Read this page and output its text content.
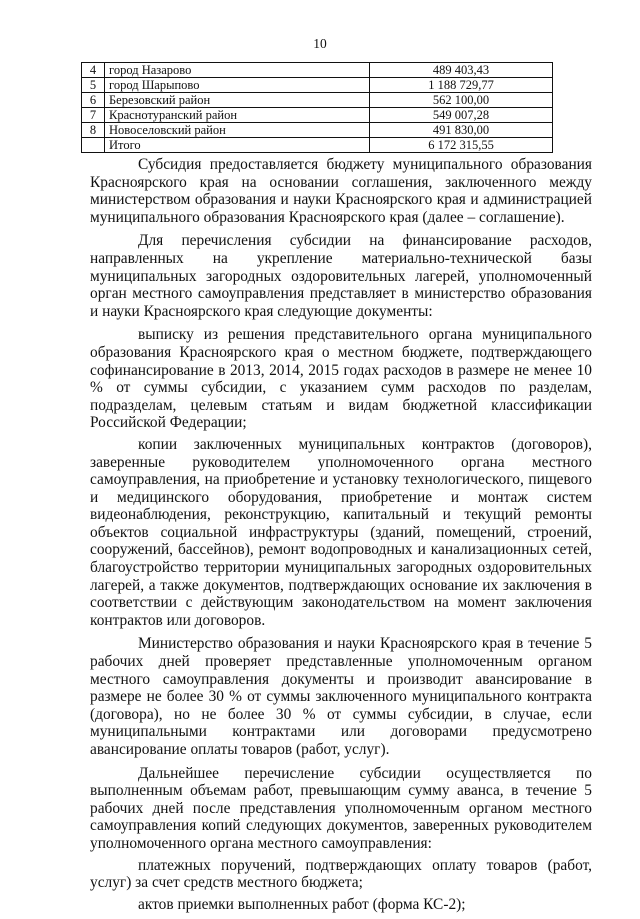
10
4	город Назарово	489 403,43
5	город Шарыпово	1 188 729,77
6	Березовский район	562 100,00
7	Краснотуранский район	549 007,28
8	Новоселовский район	491 830,00
	Итого	6 172 315,55

Субсидия предоставляется бюджету муниципального образования Красноярского края на основании соглашения, заключенного между министерством образования и науки Красноярского края и администрацией муниципального образования Красноярского края (далее – соглашение).

Для перечисления субсидии на финансирование расходов, направленных на укрепление материально-технической базы муниципальных загородных оздоровительных лагерей, уполномоченный орган местного самоуправления представляет в министерство образования и науки Красноярского края следующие документы:

выписку из решения представительного органа муниципального образования Красноярского края о местном бюджете, подтверждающего софинансирование в 2013, 2014, 2015 годах расходов в размере не менее 10 % от суммы субсидии, с указанием сумм расходов по разделам, подразделам, целевым статьям и видам бюджетной классификации Российской Федерации;

копии заключенных муниципальных контрактов (договоров), заверенные руководителем уполномоченного органа местного самоуправления, на приобретение и установку технологического, пищевого и медицинского оборудования, приобретение и монтаж систем видеонаблюдения, реконструкцию, капитальный и текущий ремонты объектов социальной инфраструктуры (зданий, помещений, строений, сооружений, бассейнов), ремонт водопроводных и канализационных сетей, благоустройство территории муниципальных загородных оздоровительных лагерей, а также документов, подтверждающих основание их заключения в соответствии с действующим законодательством на момент заключения контрактов или договоров.

Министерство образования и науки Красноярского края в течение 5 рабочих дней проверяет представленные уполномоченным органом местного самоуправления документы и производит авансирование в размере не более 30 % от суммы заключенного муниципального контракта (договора), но не более 30 % от суммы субсидии, в случае, если муниципальными контрактами или договорами предусмотрено авансирование оплаты товаров (работ, услуг).

Дальнейшее перечисление субсидии осуществляется по выполненным объемам работ, превышающим сумму аванса, в течение 5 рабочих дней после представления уполномоченным органом местного самоуправления копий следующих документов, заверенных руководителем уполномоченного органа местного самоуправления:

платежных поручений, подтверждающих оплату товаров (работ, услуг) за счет средств местного бюджета;

актов приемки выполненных работ (форма КС-2);
